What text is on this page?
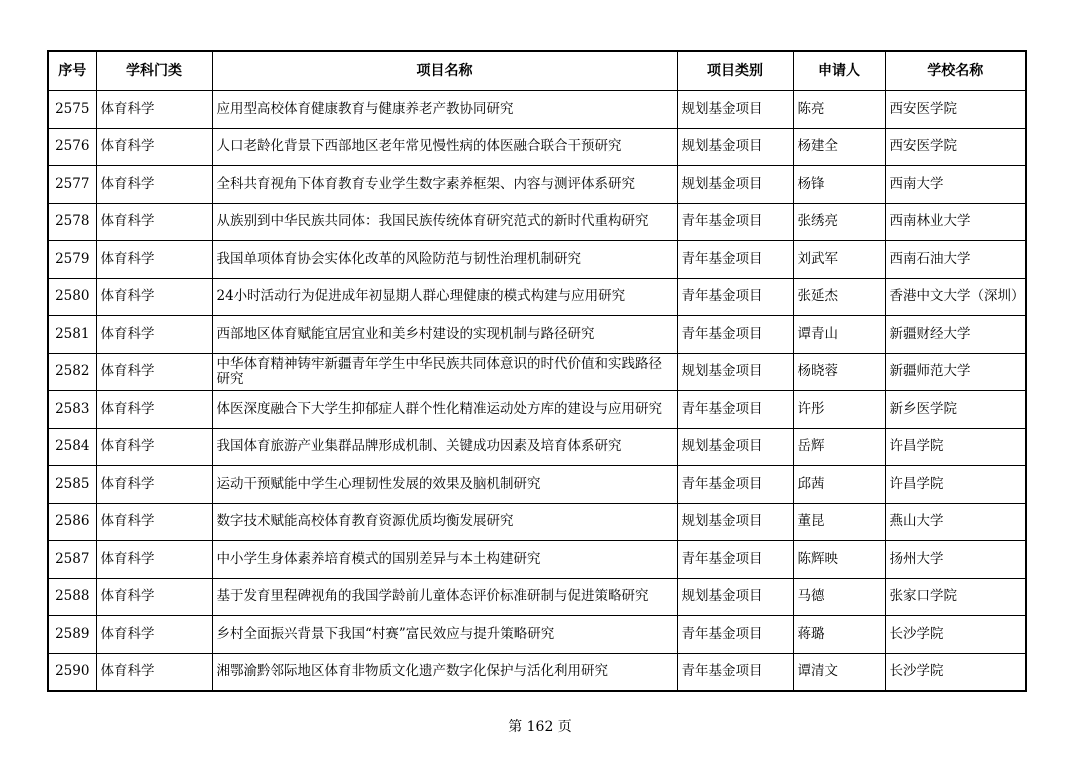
序号	学科门类	项目名称	项目类别	申请人	学校名称
2575	体育科学	应用型高校体育健康教育与健康养老产教协同研究	规划基金项目	陈亮	西安医学院
2576	体育科学	人口老龄化背景下西部地区老年常见慢性病的体医融合联合干预研究	规划基金项目	杨建全	西安医学院
2577	体育科学	全科共育视角下体育教育专业学生数字素养框架、内容与测评体系研究	规划基金项目	杨锋	西南大学
2578	体育科学	从族别到中华民族共同体：我国民族传统体育研究范式的新时代重构研究	青年基金项目	张绣亮	西南林业大学
2579	体育科学	我国单项体育协会实体化改革的风险防范与韧性治理机制研究	青年基金项目	刘武军	西南石油大学
2580	体育科学	24小时活动行为促进成年初显期人群心理健康的模式构建与应用研究	青年基金项目	张延杰	香港中文大学（深圳）
2581	体育科学	西部地区体育赋能宜居宜业和美乡村建设的实现机制与路径研究	青年基金项目	谭青山	新疆财经大学
2582	体育科学	中华体育精神铸牢新疆青年学生中华民族共同体意识的时代价值和实践路径研究	规划基金项目	杨晓蓉	新疆师范大学
2583	体育科学	体医深度融合下大学生抑郁症人群个性化精准运动处方库的建设与应用研究	青年基金项目	许彤	新乡医学院
2584	体育科学	我国体育旅游产业集群品牌形成机制、关键成功因素及培育体系研究	规划基金项目	岳辉	许昌学院
2585	体育科学	运动干预赋能中学生心理韧性发展的效果及脑机制研究	青年基金项目	邱茜	许昌学院
2586	体育科学	数字技术赋能高校体育教育资源优质均衡发展研究	规划基金项目	董昆	燕山大学
2587	体育科学	中小学生身体素养培育模式的国别差异与本土构建研究	青年基金项目	陈辉映	扬州大学
2588	体育科学	基于发育里程碑视角的我国学龄前儿童体态评价标准研制与促进策略研究	规划基金项目	马德	张家口学院
2589	体育科学	乡村全面振兴背景下我国“村赛”富民效应与提升策略研究	青年基金项目	蒋璐	长沙学院
2590	体育科学	湘鄂渝黔邻际地区体育非物质文化遗产数字化保护与活化利用研究	青年基金项目	谭清文	长沙学院
第 162 页
